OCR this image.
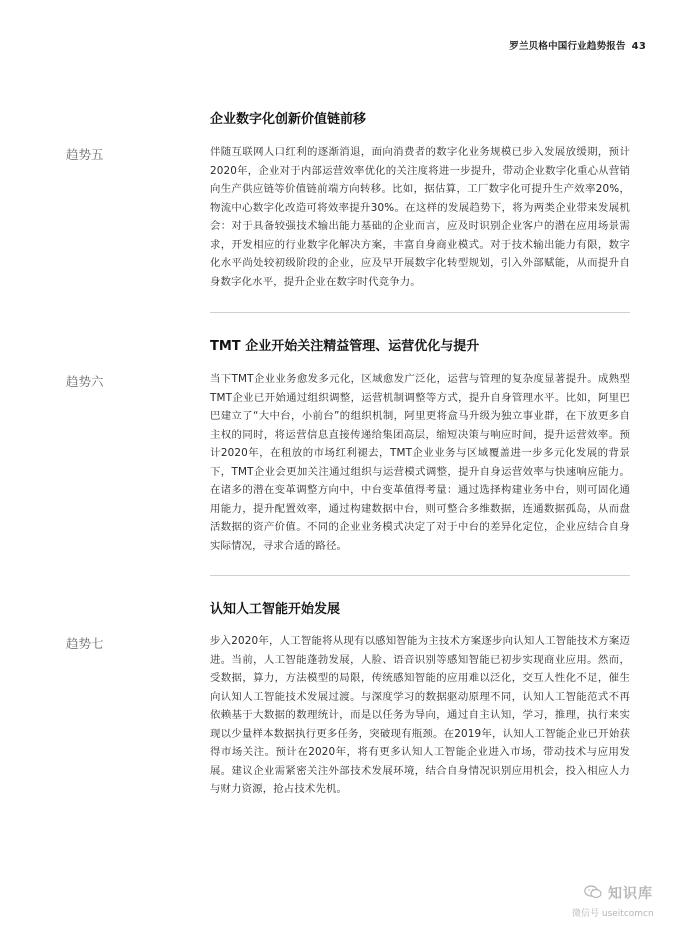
罗兰贝格中国行业趋势报告 43
企业数字化创新价值链前移
趋势五	伴随互联网人口红利的逐渐消退，面向消费者的数字化业务规模已步入发展放缓期，预计2020年，企业对于内部运营效率优化的关注度将进一步提升，带动企业数字化重心从营销向生产供应链等价值链前端方向转移。比如，据估算，工厂数字化可提升生产效率20%，物流中心数字化改造可将效率提升30%。在这样的发展趋势下，将为两类企业带来发展机会：对于具备较强技术输出能力基础的企业而言，应及时识别企业客户的潜在应用场景需求，开发相应的行业数字化解决方案，丰富自身商业模式。对于技术输出能力有限，数字化水平尚处较初级阶段的企业，应及早开展数字化转型规划，引入外部赋能，从而提升自身数字化水平，提升企业在数字时代竞争力。
TMT 企业开始关注精益管理、运营优化与提升
趋势六	当下TMT企业业务愈发多元化，区域愈发广泛化，运营与管理的复杂度显著提升。成熟型TMT企业已开始通过组织调整，运营机制调整等方式，提升自身管理水平。比如，阿里巴巴建立了“大中台，小前台”的组织机制，阿里更将盒马升级为独立事业群，在下放更多自主权的同时，将运营信息直接传递给集团高层，缩短决策与响应时间，提升运营效率。预计2020年，在租放的市场红利褪去，TMT企业业务与区域覆盖进一步多元化发展的背景下，TMT企业会更加关注通过组织与运营模式调整，提升自身运营效率与快速响应能力。在诸多的潜在变革调整方向中，中台变革值得考量：通过选择构建业务中台，则可固化通用能力，提升配置效率，通过构建数据中台，则可整合多维数据，连通数据孤岛，从而盘活数据的资产价值。不同的企业业务模式决定了对于中台的差异化定位，企业应结合自身实际情况，寻求合适的路径。
认知人工智能开始发展
趋势七	步入2020年，人工智能将从现有以感知智能为主技术方案逐步向认知人工智能技术方案迈进。当前，人工智能蓬勃发展，人脸、语音识别等感知智能已初步实现商业应用。然而，受数据，算力，方法模型的局限，传统感知智能的应用难以泛化，交互人性化不足，催生向认知人工智能技术发展过渡。与深度学习的数据驱动原理不同，认知人工智能范式不再依赖基于大数据的数理统计，而是以任务为导向，通过自主认知，学习，推理，执行来实现以少量样本数据执行更多任务，突破现有瓶颈。在2019年，认知人工智能企业已开始获得市场关注。预计在2020年，将有更多认知人工智能企业进入市场，带动技术与应用发展。建议企业需紧密关注外部技术发展环境，结合自身情况识别应用机会，投入相应人力与财力资源，抢占技术先机。
知识库
微信号 useitcomcn
